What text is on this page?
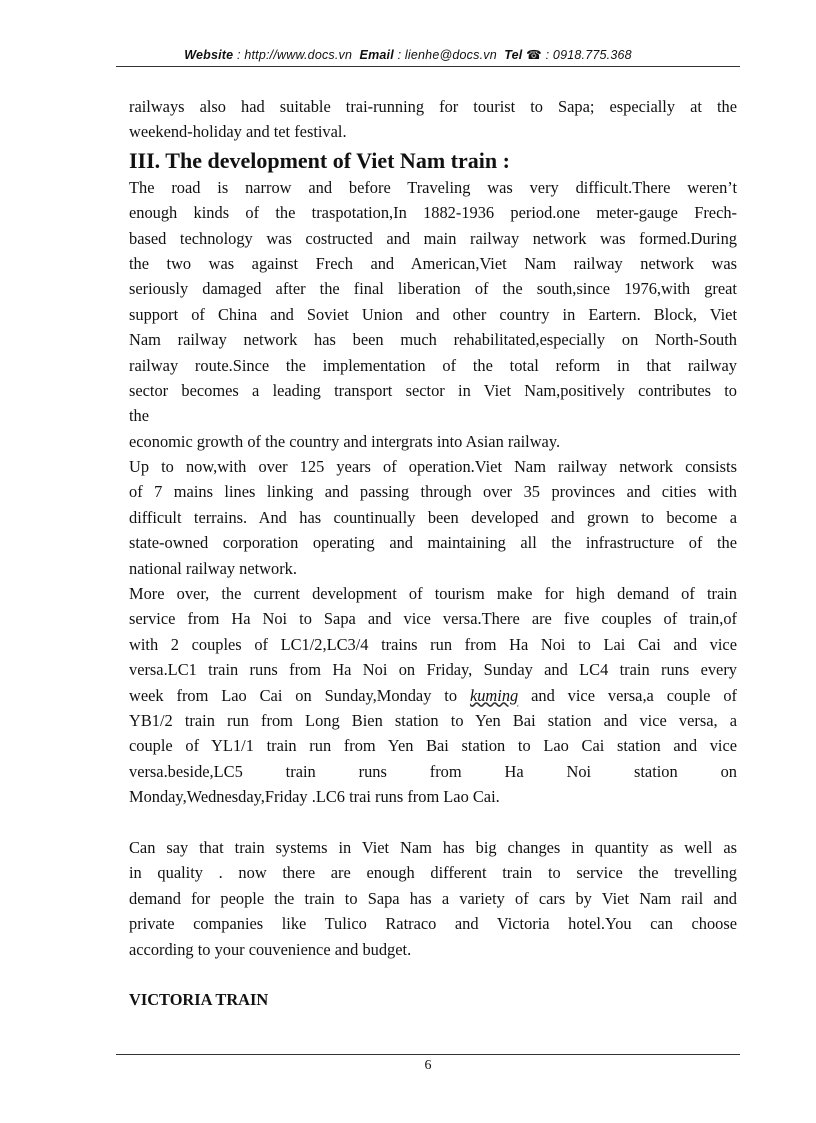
Website : http://www.docs.vn Email : lienhe@docs.vn Tel ☎ : 0918.775.368

railways also had suitable trai-running for tourist to Sapa; especially at the

weekend-holiday and tet festival.

III. The development of Viet Nam train :

The road is narrow and before Traveling was very difficult.There weren’t

enough kinds of the traspotation,In 1882-1936 period.one meter-gauge Frech-

based technology was costructed and main railway network was formed.During

the two was against Frech and American,Viet Nam railway network was

seriously damaged after the final liberation of the south,since 1976,with great

support of China and Soviet Union and other country in Eartern. Block, Viet

Nam railway network has been much rehabilitated,especially on North-South

railway route.Since the implementation of the total reform in that railway

sector becomes a leading transport sector in Viet Nam,positively contributes to

the

economic growth of the country and intergrats into Asian railway.

Up to now,with over 125 years of operation.Viet Nam railway network consists

of 7 mains lines linking and passing through over 35 provinces and cities with

difficult terrains. And has countinually been developed and grown to become a

state-owned corporation operating and maintaining all the infrastructure of the

national railway network.

More over, the current development of tourism make for high demand of train

service from Ha Noi to Sapa and vice versa.There are five couples of train,of

with 2 couples of LC1/2,LC3/4 trains run from Ha Noi to Lai Cai and vice

versa.LC1 train runs from Ha Noi on Friday, Sunday and LC4 train runs every

week from Lao Cai on Sunday,Monday to kuming and vice versa,a couple of

YB1/2 train run from Long Bien station to Yen Bai station and vice versa, a

couple of YL1/1 train run from Yen Bai station to Lao Cai station and vice

versa.beside,LC5 train runs from Ha Noi station on

Monday,Wednesday,Friday .LC6 trai runs from Lao Cai.

Can say that train systems in Viet Nam has big changes in quantity as well as

in quality . now there are enough different train to service the trevelling

demand for people the train to Sapa has a variety of cars by Viet Nam rail and

private companies like Tulico Ratraco and Victoria hotel.You can choose

according to your couvenience and budget.

VICTORIA TRAIN
6
